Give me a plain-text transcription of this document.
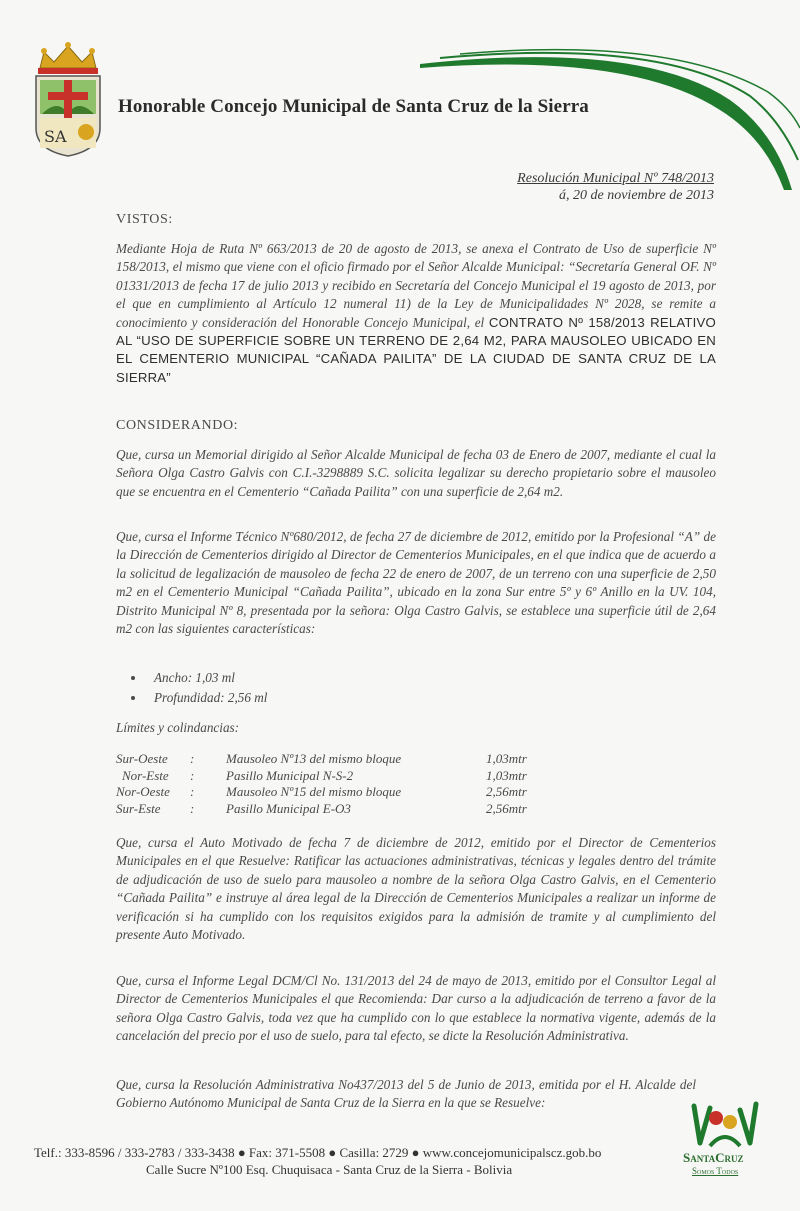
SA
Honorable Concejo Municipal de Santa Cruz de la Sierra
Resolución Municipal Nº 748/2013
á, 20 de noviembre de 2013
VISTOS:
Mediante Hoja de Ruta Nº 663/2013 de 20 de agosto de 2013, se anexa el Contrato de Uso de superficie Nº 158/2013, el mismo que viene con el oficio firmado por el Señor Alcalde Municipal: “Secretaría General OF. Nº 01331/2013 de fecha 17 de julio 2013 y recibido en Secretaría del Concejo Municipal el 19 agosto de 2013, por el que en cumplimiento al Artículo 12 numeral 11) de la Ley de Municipalidades Nº 2028, se remite a conocimiento y consideración del Honorable Concejo Municipal, el CONTRATO Nº 158/2013 RELATIVO AL “USO DE SUPERFICIE SOBRE UN TERRENO DE 2,64 M2, PARA MAUSOLEO UBICADO EN EL CEMENTERIO MUNICIPAL “CAÑADA PAILITA” DE LA CIUDAD DE SANTA CRUZ DE LA SIERRA”
CONSIDERANDO:
Que, cursa un Memorial dirigido al Señor Alcalde Municipal de fecha 03 de Enero de 2007, mediante el cual la Señora Olga Castro Galvis con C.I.-3298889 S.C. solicita legalizar su derecho propietario sobre el mausoleo que se encuentra en el Cementerio “Cañada Pailita” con una superficie de 2,64 m2.
Que, cursa el Informe Técnico Nº680/2012, de fecha 27 de diciembre de 2012, emitido por la Profesional “A” de la Dirección de Cementerios dirigido al Director de Cementerios Municipales, en el que indica que de acuerdo a la solicitud de legalización de mausoleo de fecha 22 de enero de 2007, de un terreno con una superficie de 2,50 m2 en el Cementerio Municipal “Cañada Pailita”, ubicado en la zona Sur entre 5º y 6º Anillo en la UV. 104, Distrito Municipal Nº 8, presentada por la señora: Olga Castro Galvis, se establece una superficie útil de 2,64 m2 con las siguientes características:
• Ancho: 1,03 ml
• Profundidad: 2,56 ml
Límites y colindancias:
Sur-Oeste : Mausoleo Nº13 del mismo bloque	1,03mtr
Nor-Este : Pasillo Municipal N-S-2	1,03mtr
Nor-Oeste : Mausoleo Nº15 del mismo bloque	2,56mtr
Sur-Este : Pasillo Municipal E-O3	2,56mtr
Que, cursa el Auto Motivado de fecha 7 de diciembre de 2012, emitido por el Director de Cementerios Municipales en el que Resuelve: Ratificar las actuaciones administrativas, técnicas y legales dentro del trámite de adjudicación de uso de suelo para mausoleo a nombre de la señora Olga Castro Galvis, en el Cementerio “Cañada Pailita” e instruye al área legal de la Dirección de Cementerios Municipales a realizar un informe de verificación si ha cumplido con los requisitos exigidos para la admisión de tramite y al cumplimiento del presente Auto Motivado.
Que, cursa el Informe Legal DCM/Cl No. 131/2013 del 24 de mayo de 2013, emitido por el Consultor Legal al Director de Cementerios Municipales el que Recomienda: Dar curso a la adjudicación de terreno a favor de la señora Olga Castro Galvis, toda vez que ha cumplido con lo que establece la normativa vigente, además de la cancelación del precio por el uso de suelo, para tal efecto, se dicte la Resolución Administrativa.
Que, cursa la Resolución Administrativa No437/2013 del 5 de Junio de 2013, emitida por el H. Alcalde del Gobierno Autónomo Municipal de Santa Cruz de la Sierra en la que se Resuelve:
Telf.: 333-8596 / 333-2783 / 333-3438 ● Fax: 371-5508 ● Casilla: 2729 ● www.concejomunicipalscz.gob.bo
Calle Sucre Nº100 Esq. Chuquisaca - Santa Cruz de la Sierra - Bolivia
SantaCruz
Somos Todos
